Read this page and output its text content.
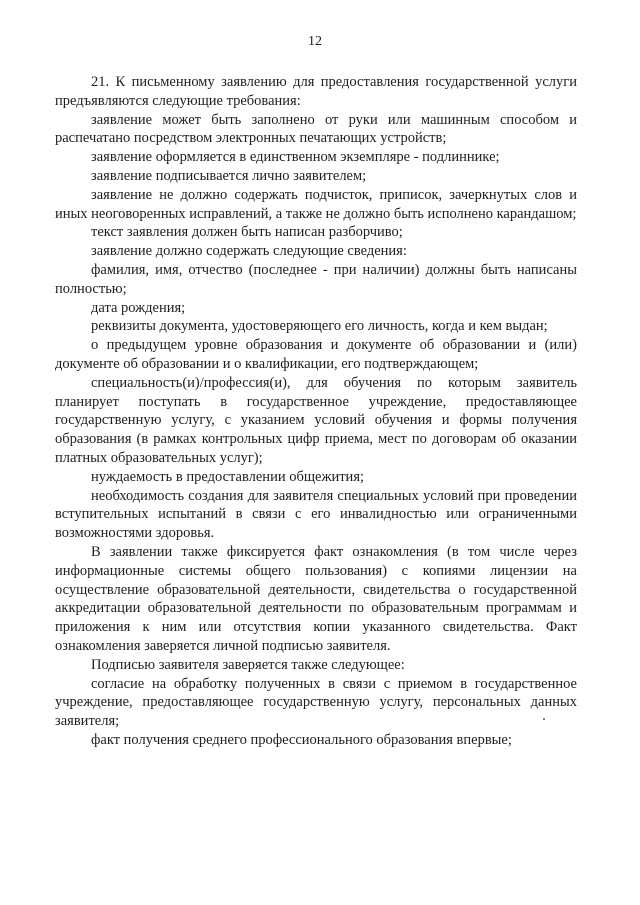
12

21. К письменному заявлению для предоставления государственной услуги предъявляются следующие требования:

заявление может быть заполнено от руки или машинным способом и распечатано посредством электронных печатающих устройств;

заявление оформляется в единственном экземпляре - подлиннике;

заявление подписывается лично заявителем;

заявление не должно содержать подчисток, приписок, зачеркнутых слов и иных неоговоренных исправлений, а также не должно быть исполнено карандашом;

текст заявления должен быть написан разборчиво;

заявление должно содержать следующие сведения:

фамилия, имя, отчество (последнее - при наличии) должны быть написаны полностью;

дата рождения;

реквизиты документа, удостоверяющего его личность, когда и кем выдан;

о предыдущем уровне образования и документе об образовании и (или) документе об образовании и о квалификации, его подтверждающем;

специальность(и)/профессия(и), для обучения по которым заявитель планирует поступать в государственное учреждение, предоставляющее государственную услугу, с указанием условий обучения и формы получения образования (в рамках контрольных цифр приема, мест по договорам об оказании платных образовательных услуг);

нуждаемость в предоставлении общежития;

необходимость создания для заявителя специальных условий при проведении вступительных испытаний в связи с его инвалидностью или ограниченными возможностями здоровья.

В заявлении также фиксируется факт ознакомления (в том числе через информационные системы общего пользования) с копиями лицензии на осуществление образовательной деятельности, свидетельства о государственной аккредитации образовательной деятельности по образовательным программам и приложения к ним или отсутствия копии указанного свидетельства. Факт ознакомления заверяется личной подписью заявителя.

Подписью заявителя заверяется также следующее:

согласие на обработку полученных в связи с приемом в государственное учреждение, предоставляющее государственную услугу, персональных данных заявителя;

факт получения среднего профессионального образования впервые;
